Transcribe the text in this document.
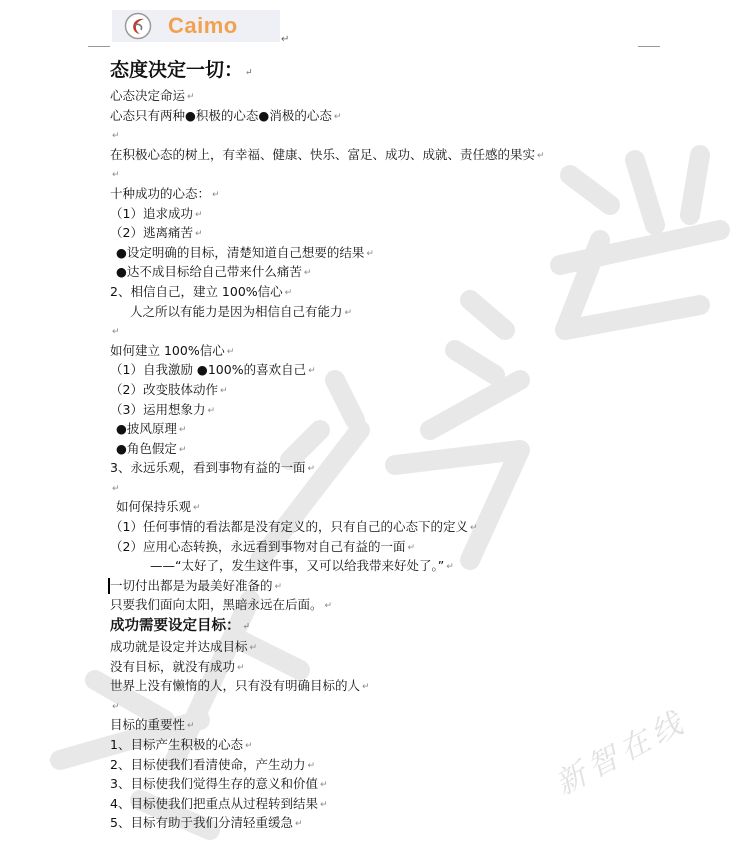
新智在线
Caimo
↵
态度决定一切： ↵
心态决定命运 ↵
心态只有两种●积极的心态●消极的心态 ↵
↵
在积极心态的树上，有幸福、健康、快乐、富足、成功、成就、责任感的果实 ↵
↵
十种成功的心态： ↵
（1）追求成功 ↵
（2）逃离痛苦 ↵
●设定明确的目标，清楚知道自己想要的结果 ↵
●达不成目标给自己带来什么痛苦 ↵
2、相信自己，建立 100%信心 ↵
人之所以有能力是因为相信自己有能力 ↵
↵
如何建立 100%信心 ↵
（1）自我激励 ●100%的喜欢自己 ↵
（2）改变肢体动作 ↵
（3）运用想象力 ↵
●披风原理 ↵
●角色假定 ↵
3、永远乐观，看到事物有益的一面 ↵
↵
如何保持乐观 ↵
（1）任何事情的看法都是没有定义的，只有自己的心态下的定义 ↵
（2）应用心态转换，永远看到事物对自己有益的一面 ↵
——“太好了，发生这件事，又可以给我带来好处了。” ↵
一切付出都是为最美好准备的 ↵
只要我们面向太阳，黑暗永远在后面。 ↵
成功需要设定目标： ↵
成功就是设定并达成目标 ↵
没有目标，就没有成功 ↵
世界上没有懒惰的人，只有没有明确目标的人 ↵
↵
目标的重要性 ↵
1、目标产生积极的心态 ↵
2、目标使我们看清使命，产生动力 ↵
3、目标使我们觉得生存的意义和价值 ↵
4、目标使我们把重点从过程转到结果 ↵
5、目标有助于我们分清轻重缓急 ↵
